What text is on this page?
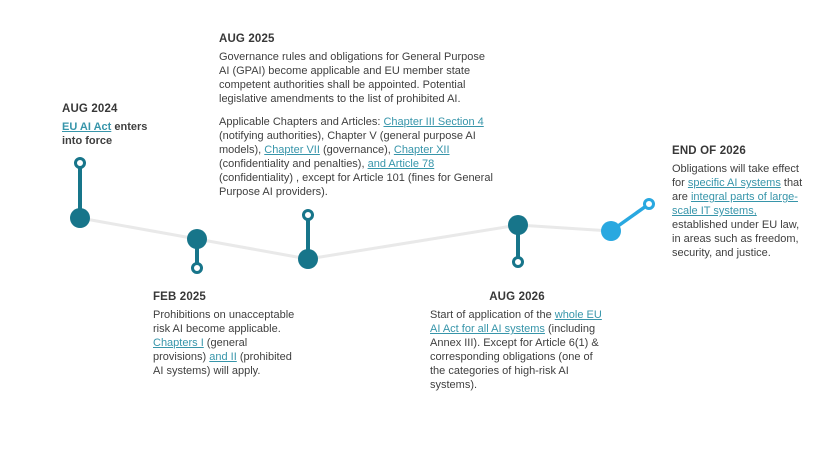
AUG 2024

EU AI Act enters into force

AUG 2025

Governance rules and obligations for General Purpose AI (GPAI) become applicable and EU member state competent authorities shall be appointed. Potential legislative amendments to the list of prohibited AI.

Applicable Chapters and Articles: Chapter III Section 4 (notifying authorities), Chapter V (general purpose AI models), Chapter VII (governance), Chapter XII (confidentiality and penalties), and Article 78 (confidentiality) , except for Article 101 (fines for General Purpose AI providers).

FEB 2025

Prohibitions on unacceptable risk AI become applicable. Chapters I (general provisions) and II (prohibited AI systems) will apply.

AUG 2026

Start of application of the whole EU AI Act for all AI systems (including Annex III). Except for Article 6(1) & corresponding obligations (one of the categories of high-risk AI systems).

END OF 2026

Obligations will take effect for specific AI systems that are integral parts of large-scale IT systems, established under EU law, in areas such as freedom, security, and justice.
